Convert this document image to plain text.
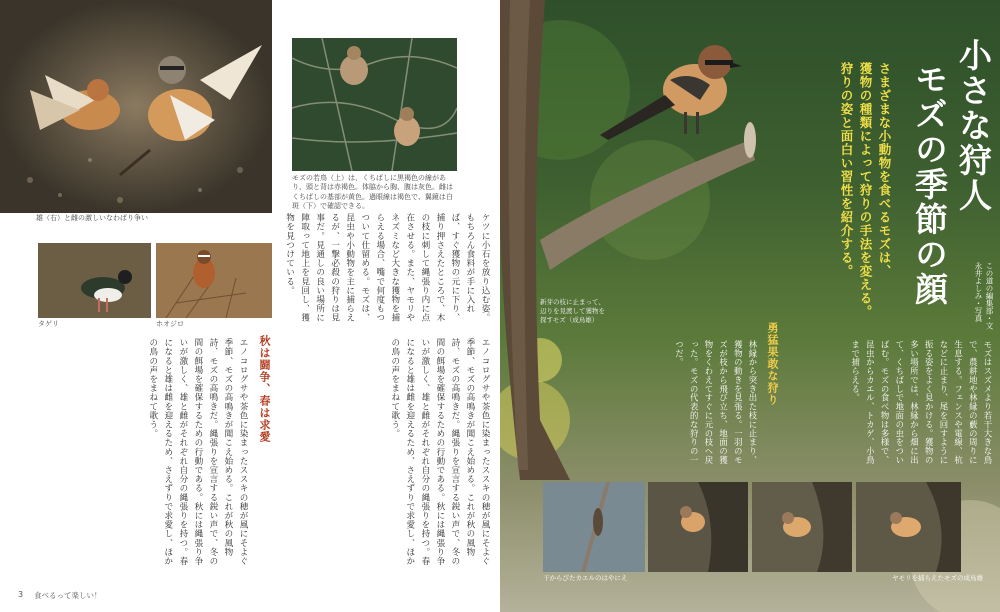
雄（右）と雌の激しいなわばり争い
モズの若鳥（上）は、くちばしに黒褐色の線があり、頭と背は赤褐色。体脇から胸、腹は灰色。雌はくちばしの基部が黄色。過眼線は褐色で、翼鏡は白斑（下）で確認できる。
タゲリ	ホオジロ
ケツに小石を放り込む姿。もちろん食料が手に入れば、すぐ獲物の元に下り、捕り押さえたところで、木の枝に刺して縄張り内に点在させる。また、ヤモリやネズミなど大きな獲物を捕らえる場合、嘴で何度もつついて仕留める。モズは、昆虫や小動物を主に捕らえるが、一撃必殺の狩りは見事だ。見通しの良い場所に陣取って地上を見回し、獲物を見つけている。
秋は闘争、春は求愛	エノコログサや茶色に染まったススキの穂が風にそよぐ季節、モズの高鳴きが聞こえ始める。これが秋の風物詩、モズの高鳴きだ。縄張りを宣言する鋭い声で、冬の間の餌場を確保するための行動である。秋には縄張り争いが激しく、雄と雌がそれぞれ自分の縄張りを持つ。春になると雄は雌を迎えるため、さえずりで求愛し、ほかの鳥の声をまねて歌う。
エノコログサや茶色に染まったススキの穂が風にそよぐ季節、モズの高鳴きが聞こえ始める。これが秋の風物詩、モズの高鳴きだ。縄張りを宣言する鋭い声で、冬の間の餌場を確保するための行動である。秋には縄張り争いが激しく、雄と雌がそれぞれ自分の縄張りを持つ。春になると雄は雌を迎えるため、さえずりで求愛し、ほかの鳥の声をまねて歌う。
3 食べるって楽しい！
小さな狩人
モズの季節の顔
さまざまな小動物を食べるモズは、
獲物の種類によって狩りの手法を変える。
狩りの姿と面白い習性を紹介する。
この道の編集部・文
永井よしみ・写真
新芽の枝に止まって、辺りを見渡して獲物を探すモズ（成鳥雄）
勇猛果敢な狩り	モズはスズメより若干大きな鳥で、農耕地や林縁の藪の周りに生息する。フェンスや電線、杭などに止まり、尾を回すように振る姿をよく見かける。獲物の多い場所では、林縁から畑に出て、くちばしで地面の虫をついばむ。モズの食べ物は多様で、昆虫からカエル、トカゲ、小鳥まで捕らえる。
林縁から突き出た枝に止まり、獲物の動きを見張る。一羽のモズが枝から飛び立ち、地面の獲物をくわえてすぐに元の枝へ戻った。モズの代表的な狩りの一つだ。
干からびたカエルのはやにえ	ヤモリを捕らえたモズの成鳥雄
